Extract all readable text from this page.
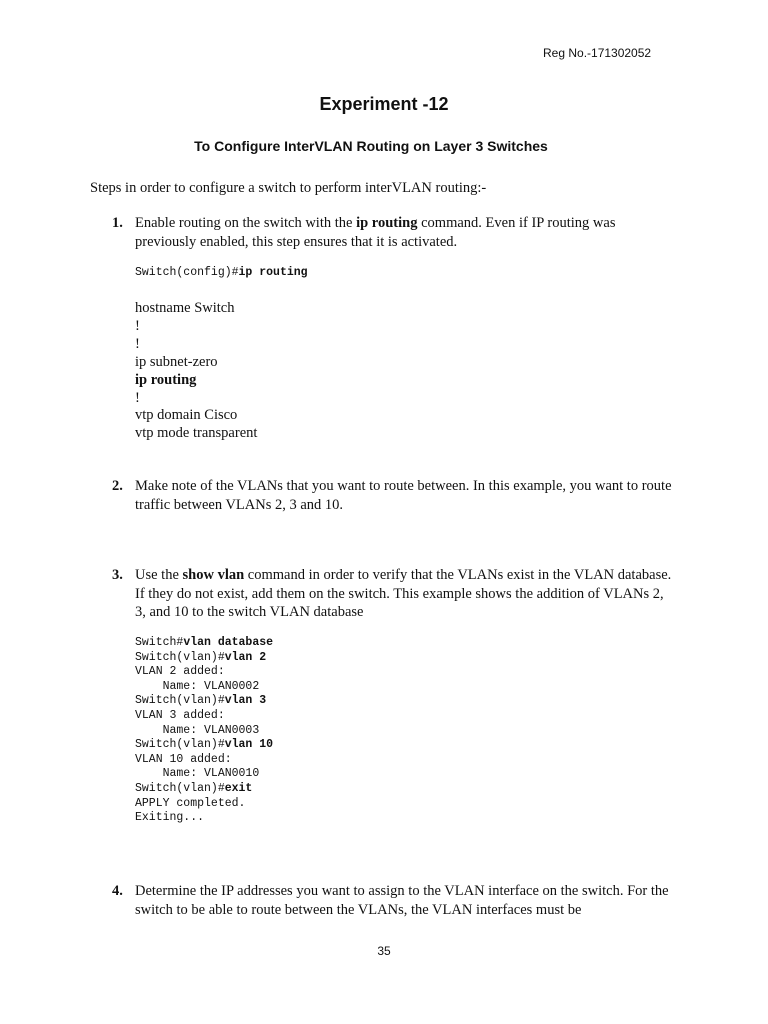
Reg No.-171302052
Experiment -12
To Configure InterVLAN Routing on Layer 3 Switches
Steps in order to configure a switch to perform interVLAN routing:-
1. Enable routing on the switch with the ip routing command. Even if IP routing was previously enabled, this step ensures that it is activated.
Switch(config)#ip routing
hostname Switch
!
!
ip subnet-zero
ip routing
!
vtp domain Cisco
vtp mode transparent
2. Make note of the VLANs that you want to route between. In this example, you want to route traffic between VLANs 2, 3 and 10.
3. Use the show vlan command in order to verify that the VLANs exist in the VLAN database. If they do not exist, add them on the switch. This example shows the addition of VLANs 2, 3, and 10 to the switch VLAN database
Switch#vlan database
Switch(vlan)#vlan 2
VLAN 2 added:
Name: VLAN0002
Switch(vlan)#vlan 3
VLAN 3 added:
Name: VLAN0003
Switch(vlan)#vlan 10
VLAN 10 added:
Name: VLAN0010
Switch(vlan)#exit
APPLY completed.
Exiting...
4. Determine the IP addresses you want to assign to the VLAN interface on the switch. For the switch to be able to route between the VLANs, the VLAN interfaces must be
35
